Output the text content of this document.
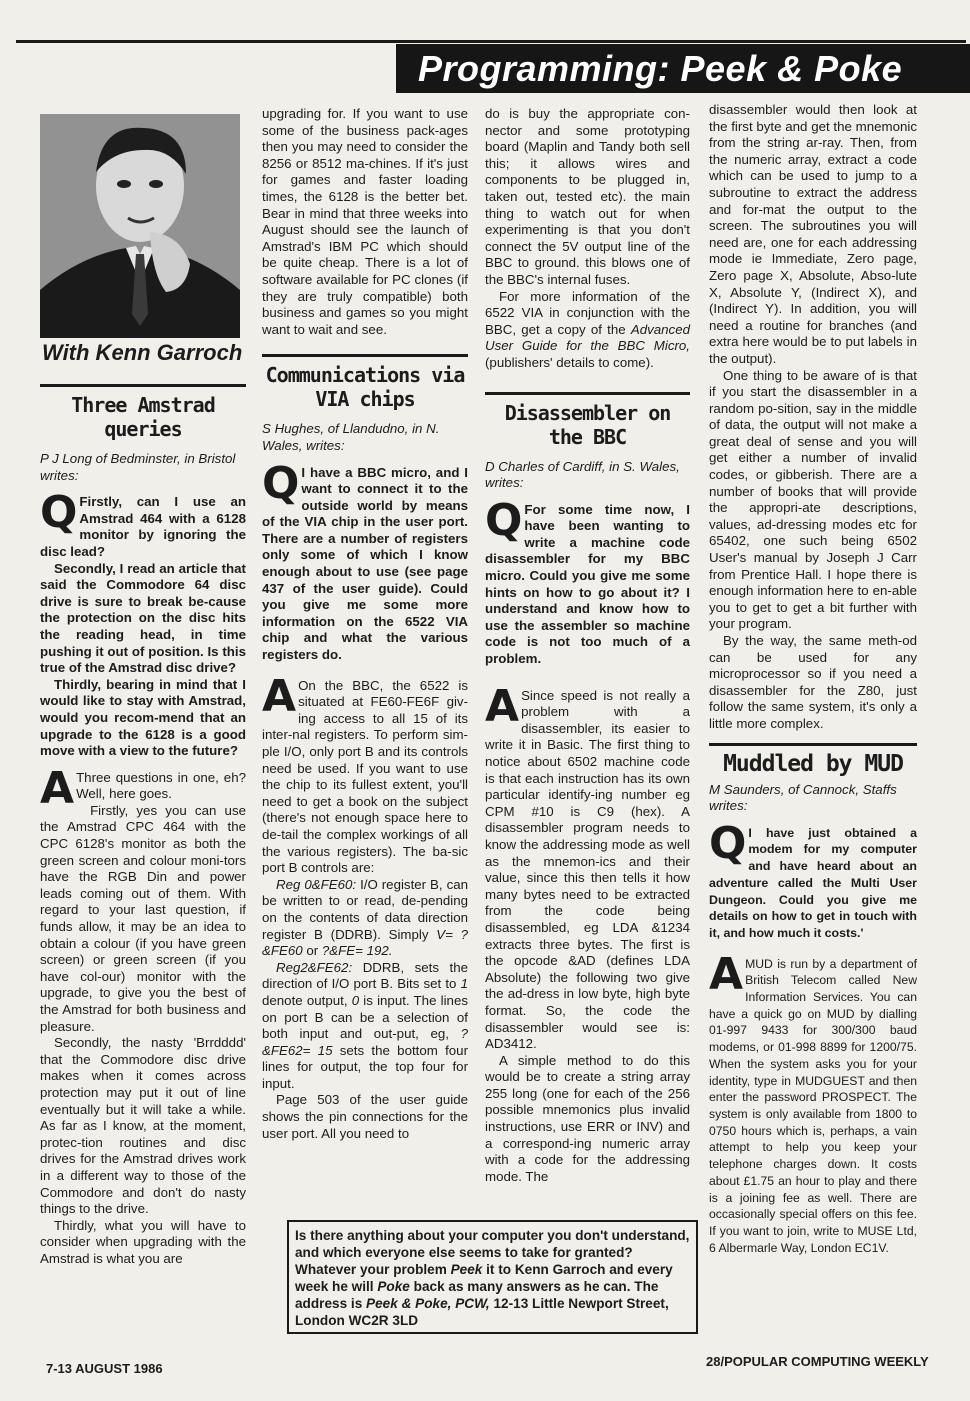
Programming: Peek & Poke
With Kenn Garroch
Three Amstrad queries
P J Long of Bedminster, in Bristol writes:

Q Firstly, can I use an Amstrad 464 with a 6128 monitor by ignoring the disc lead?

Secondly, I read an article that said the Commodore 64 disc drive is sure to break be-cause the protection on the disc hits the reading head, in time pushing it out of position. Is this true of the Amstrad disc drive?

Thirdly, bearing in mind that I would like to stay with Amstrad, would you recom-mend that an upgrade to the 6128 is a good move with a view to the future?

A Three questions in one, eh? Well, here goes.

Firstly, yes you can use the Amstrad CPC 464 with the CPC 6128's monitor as both the green screen and colour moni-tors have the RGB Din and power leads coming out of them. With regard to your last question, if funds allow, it may be an idea to obtain a colour (if you have green screen) or green screen (if you have col-our) monitor with the upgrade, to give you the best of the Amstrad for both business and pleasure.

Secondly, the nasty 'Brrdddd' that the Commodore disc drive makes when it comes across protection may put it out of line eventually but it will take a while. As far as I know, at the moment, protec-tion routines and disc drives for the Amstrad drives work in a different way to those of the Commodore and don't do nasty things to the drive.

Thirdly, what you will have to consider when upgrading with the Amstrad is what you are

upgrading for. If you want to use some of the business pack-ages then you may need to consider the 8256 or 8512 ma-chines. If it's just for games and faster loading times, the 6128 is the better bet. Bear in mind that three weeks into August should see the launch of Amstrad's IBM PC which should be quite cheap. There is a lot of software available for PC clones (if they are truly compatible) both business and games so you might want to wait and see.

Communications via VIA chips
S Hughes, of Llandudno, in N. Wales, writes:

Q I have a BBC micro, and I want to connect it to the outside world by means of the VIA chip in the user port. There are a number of registers only some of which I know enough about to use (see page 437 of the user guide). Could you give me some more information on the 6522 VIA chip and what the various registers do.

A On the BBC, the 6522 is situated at FE60-FE6F giv-ing access to all 15 of its inter-nal registers. To perform sim-ple I/O, only port B and its controls need be used. If you want to use the chip to its fullest extent, you'll need to get a book on the subject (there's not enough space here to de-tail the complex workings of all the various registers). The ba-sic port B controls are:

Reg 0&FE60: I/O register B, can be written to or read, de-pending on the contents of data direction register B (DDRB). Simply V= ?&FE60 or ?&FE= 192.

Reg2&FE62: DDRB, sets the direction of I/O port B. Bits set to 1 denote output, 0 is input. The lines on port B can be a selection of both input and out-put, eg, ?&FE62= 15 sets the bottom four lines for output, the top four for input.

Page 503 of the user guide shows the pin connections for the user port. All you need to

do is buy the appropriate con-nector and some prototyping board (Maplin and Tandy both sell this; it allows wires and components to be plugged in, taken out, tested etc). the main thing to watch out for when experimenting is that you don't connect the 5V output line of the BBC to ground. this blows one of the BBC's internal fuses.

For more information of the 6522 VIA in conjunction with the BBC, get a copy of the Advanced User Guide for the BBC Micro, (publishers' details to come).

Disassembler on the BBC
D Charles of Cardiff, in S. Wales, writes:

Q For some time now, I have been wanting to write a machine code disassembler for my BBC micro. Could you give me some hints on how to go about it? I understand and know how to use the assembler so machine code is not too much of a problem.

A Since speed is not really a problem with a disassembler, its easier to write it in Basic. The first thing to notice about 6502 machine code is that each instruction has its own particular identify-ing number eg CPM #10 is C9 (hex). A disassembler program needs to know the addressing mode as well as the mnemon-ics and their value, since this then tells it how many bytes need to be extracted from the code being disassembled, eg LDA &1234 extracts three bytes. The first is the opcode &AD (defines LDA Absolute) the following two give the ad-dress in low byte, high byte format. So, the code the disassembler would see is: AD3412.

A simple method to do this would be to create a string array 255 long (one for each of the 256 possible mnemonics plus invalid instructions, use ERR or INV) and a correspond-ing numeric array with a code for the addressing mode. The

disassembler would then look at the first byte and get the mnemonic from the string ar-ray. Then, from the numeric array, extract a code which can be used to jump to a subroutine to extract the address and for-mat the output to the screen. The subroutines you will need are, one for each addressing mode ie Immediate, Zero page, Zero page X, Absolute, Abso-lute X, Absolute Y, (Indirect X), and (Indirect Y). In addition, you will need a routine for branches (and extra here would be to put labels in the output).

One thing to be aware of is that if you start the disassembler in a random po-sition, say in the middle of data, the output will not make a great deal of sense and you will get either a number of invalid codes, or gibberish. There are a number of books that will provide the appropri-ate descriptions, values, ad-dressing modes etc for 65402, one such being 6502 User's manual by Joseph J Carr from Prentice Hall. I hope there is enough information here to en-able you to get to get a bit further with your program.

By the way, the same meth-od can be used for any microprocessor so if you need a disassembler for the Z80, just follow the same system, it's only a little more complex.

Muddled by MUD
M Saunders, of Cannock, Staffs writes:

Q I have just obtained a modem for my computer and have heard about an adventure called the Multi User Dungeon. Could you give me details on how to get in touch with it, and how much it costs.'

AMUD is run by a department of British Telecom called New Information Services. You can have a quick go on MUD by dialling 01-997 9433 for 300/300 baud modems, or 01-998 8899 for 1200/75. When the system asks you for your identity, type in MUDGUEST and then enter the password PROSPECT. The system is only available from 1800 to 0750 hours which is, perhaps, a vain attempt to help you keep your telephone charges down. It costs about £1.75 an hour to play and there is a joining fee as well. There are occasionally special offers on this fee. If you want to join, write to MUSE Ltd, 6 Albermarle Way, London EC1V.

Is there anything about your computer you don't understand, and which everyone else seems to take for granted? Whatever your problem Peek it to Kenn Garroch and every week he will Poke back as many answers as he can. The address is Peek & Poke, PCW, 12-13 Little Newport Street, London WC2R 3LD
7-13 AUGUST 1986	28/POPULAR COMPUTING WEEKLY
